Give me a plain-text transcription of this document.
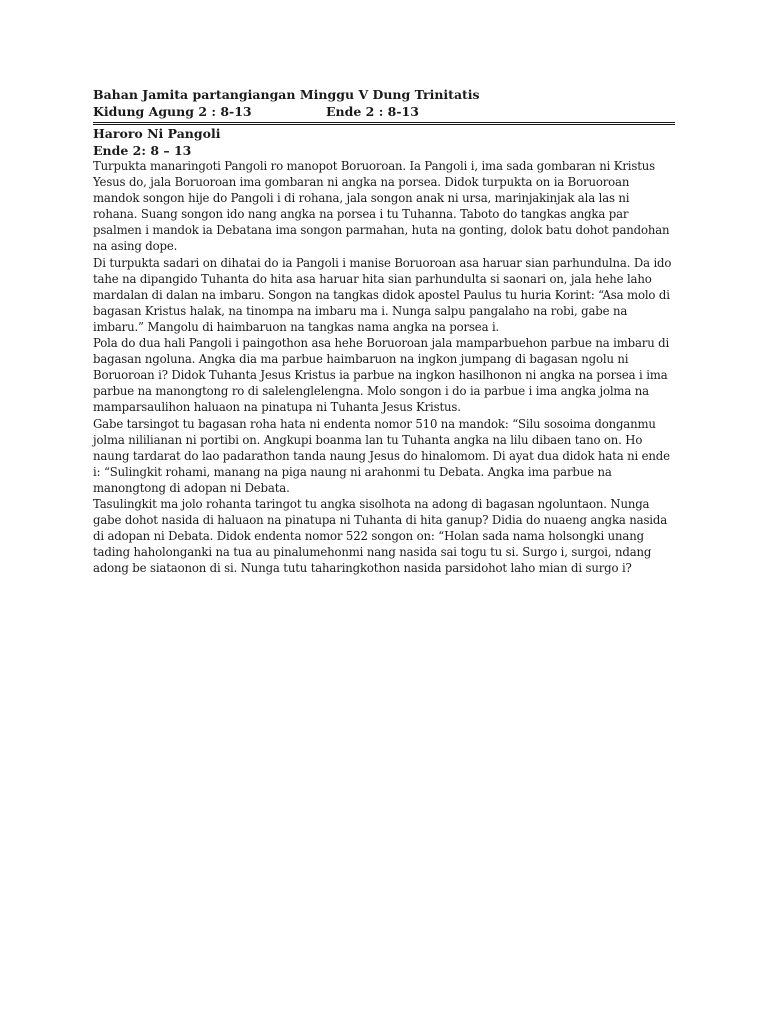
Bahan Jamita partangiangan Minggu V Dung Trinitatis
Kidung Agung 2 : 8-13	Ende 2 : 8-13
Haroro Ni Pangoli
Ende 2: 8 – 13

Turpukta manaringoti Pangoli ro manopot Boruoroan. Ia Pangoli i, ima sada gombaran ni Kristus Yesus do, jala Boruoroan ima gombaran ni angka na porsea. Didok turpukta on ia Boruoroan mandok songon hije do Pangoli i di rohana, jala songon anak ni ursa, marinjakinjak ala las ni rohana. Suang songon ido nang angka na porsea i tu Tuhanna. Taboto do tangkas angka par psalmen i mandok ia Debatana ima songon parmahan, huta na gonting, dolok batu dohot pandohan na asing dope.

Di turpukta sadari on dihatai do ia Pangoli i manise Boruoroan asa haruar sian parhundulna. Da ido tahe na dipangido Tuhanta do hita asa haruar hita sian parhundulta si saonari on, jala hehe laho mardalan di dalan na imbaru. Songon na tangkas didok apostel Paulus tu huria Korint: “Asa molo di bagasan Kristus halak, na tinompa na imbaru ma i. Nunga salpu pangalaho na robi, gabe na imbaru.” Mangolu di haimbaruon na tangkas nama angka na porsea i.

Pola do dua hali Pangoli i paingothon asa hehe Boruoroan jala mamparbuehon parbue na imbaru di bagasan ngoluna. Angka dia ma parbue haimbaruon na ingkon jumpang di bagasan ngolu ni Boruoroan i? Didok Tuhanta Jesus Kristus ia parbue na ingkon hasilhonon ni angka na porsea i ima parbue na manongtong ro di salelenglelengna. Molo songon i do ia parbue i ima angka jolma na mamparsaulihon haluaon na pinatupa ni Tuhanta Jesus Kristus.

Gabe tarsingot tu bagasan roha hata ni endenta nomor 510 na mandok: “Silu sosoima donganmu jolma nililianan ni portibi on. Angkupi boanma lan tu Tuhanta angka na lilu dibaen tano on. Ho naung tardarat do lao padarathon tanda naung Jesus do hinalomom. Di ayat dua didok hata ni ende i: “Sulingkit rohami, manang na piga naung ni arahonmi tu Debata. Angka ima parbue na manongtong di adopan ni Debata.

Tasulingkit ma jolo rohanta taringot tu angka sisolhota na adong di bagasan ngoluntaon. Nunga gabe dohot nasida di haluaon na pinatupa ni Tuhanta di hita ganup? Didia do nuaeng angka nasida di adopan ni Debata. Didok endenta nomor 522 songon on: “Holan sada nama holsongki unang tading haholonganki na tua au pinalumehonmi nang nasida sai togu tu si. Surgo i, surgoi, ndang adong be siataonon di si. Nunga tutu taharingkothon nasida parsidohot laho mian di surgo i?
